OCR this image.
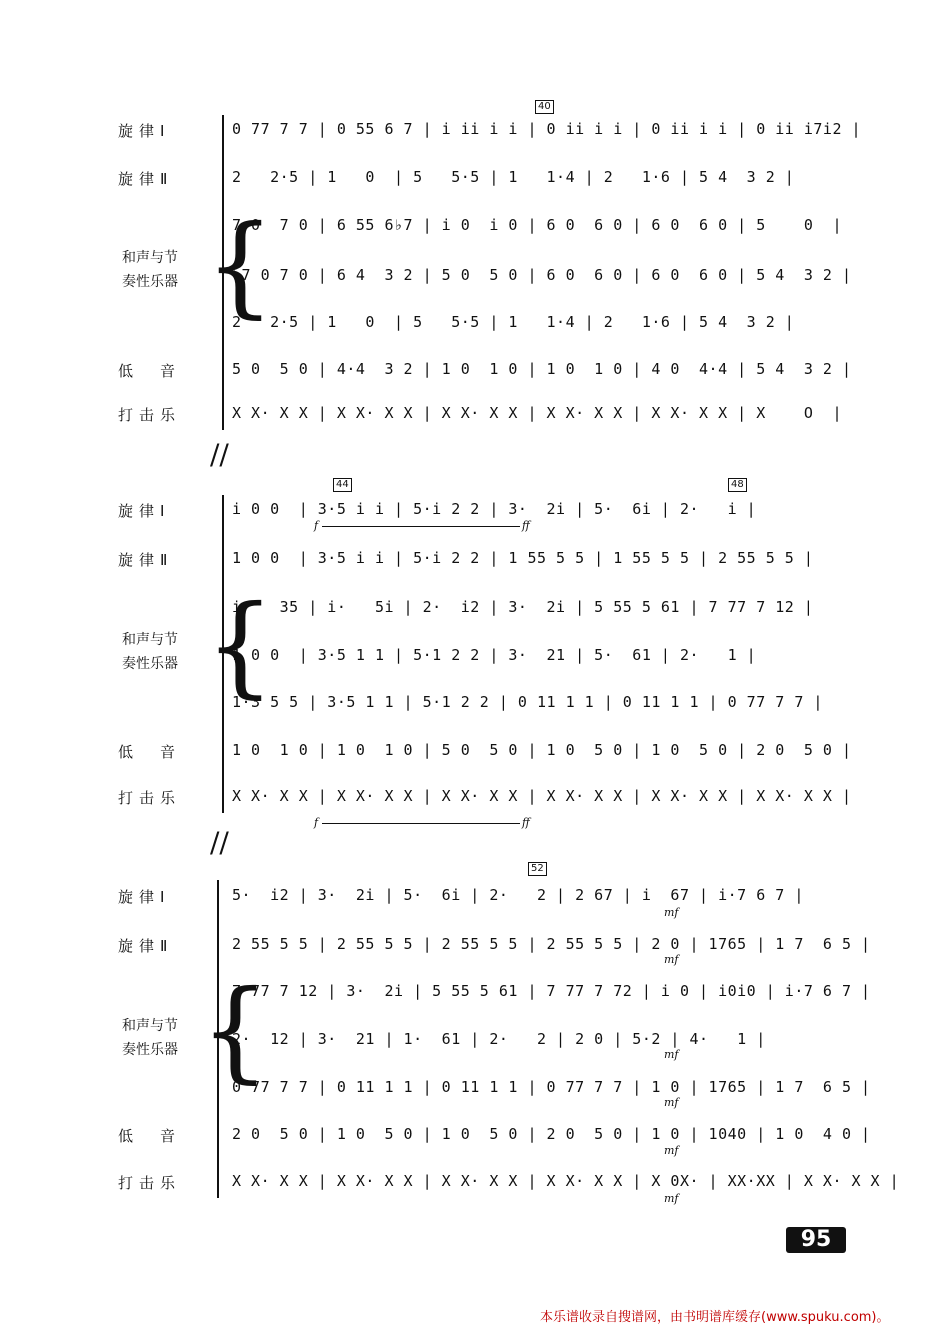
40
旋律Ⅰ
旋律Ⅱ
和声与节
奏性乐器
低　音
打击乐
{
0 77 7 7 | 0 55 6 7 | i ii i i | 0 ii i i | 0 ii i i | 0 ii i7i2 |
2   2·5 | 1   0  | 5   5·5 | 1   1·4 | 2   1·6 | 5 4  3 2 |
7 0  7 0 | 6 55 6♭7 | i 0  i 0 | 6 0  6 0 | 6 0  6 0 | 5    0  |
♭7 0 7 0 | 6 4  3 2 | 5 0  5 0 | 6 0  6 0 | 6 0  6 0 | 5 4  3 2 |
2   2·5 | 1   0  | 5   5·5 | 1   1·4 | 2   1·6 | 5 4  3 2 |
5 0  5 0 | 4·4  3 2 | 1 0  1 0 | 1 0  1 0 | 4 0  4·4 | 5 4  3 2 |
X X· X X | X X· X X | X X· X X | X X· X X | X X· X X | X    O  |
//
44	48
旋律Ⅰ
旋律Ⅱ
和声与节
奏性乐器
低　音
打击乐
{
i 0 0  | 3·5 i i | 5·i 2 2 | 3·  2i | 5·  6i | 2·   i |
1 0 0  | 3·5 i i | 5·i 2 2 | 1 55 5 5 | 1 55 5 5 | 2 55 5 5 |
i·   35 | i·   5i | 2·  i2 | 3·  2i | 5 55 5 61 | 7 77 7 12 |
1 0 0  | 3·5 1 1 | 5·1 2 2 | 3·  21 | 5·  61 | 2·   1 |
1·3 5 5 | 3·5 1 1 | 5·1 2 2 | 0 11 1 1 | 0 11 1 1 | 0 77 7 7 |
1 0  1 0 | 1 0  1 0 | 5 0  5 0 | 1 0  5 0 | 1 0  5 0 | 2 0  5 0 |
X X· X X | X X· X X | X X· X X | X X· X X | X X· X X | X X· X X |
f	ff
f	ff
//
52
旋律Ⅰ
旋律Ⅱ
和声与节
奏性乐器
低　音
打击乐
{
5·  i2 | 3·  2i | 5·  6i | 2·   2 | 2 67 | i  67 | i·7 6 7 |
2 55 5 5 | 2 55 5 5 | 2 55 5 5 | 2 55 5 5 | 2 0 | 1765 | 1 7  6 5 |
7 77 7 12 | 3·  2i | 5 55 5 61 | 7 77 7 72 | i 0 | i0i0 | i·7 6 7 |
2·  12 | 3·  21 | 1·  61 | 2·   2 | 2 0 | 5·2 | 4·   1 |
0 77 7 7 | 0 11 1 1 | 0 11 1 1 | 0 77 7 7 | 1 0 | 1765 | 1 7  6 5 |
2 0  5 0 | 1 0  5 0 | 1 0  5 0 | 2 0  5 0 | 1 0 | 1040 | 1 0  4 0 |
X X· X X | X X· X X | X X· X X | X X· X X | X 0X· | XX·XX | X X· X X |
mf
mf
mf
mf
mf
mf
95
本乐谱收录自搜谱网，由书明谱库缓存(www.spuku.com)。
